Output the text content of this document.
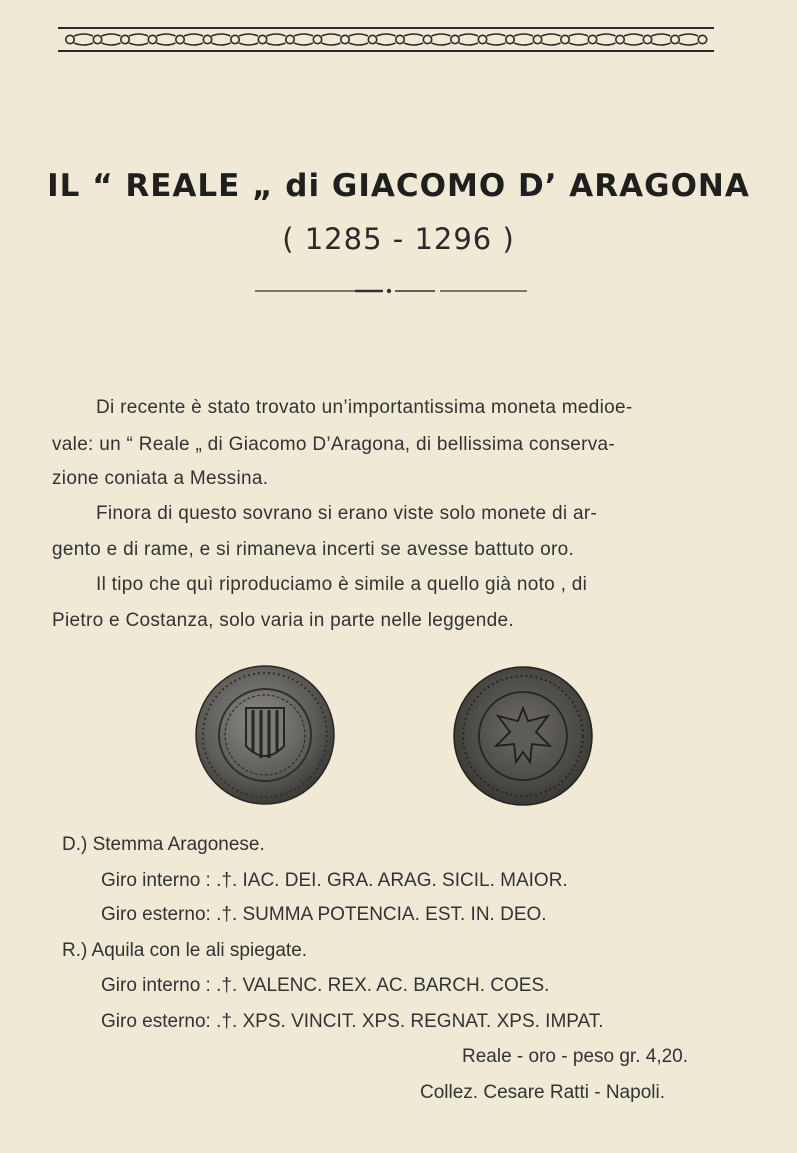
IL “ REALE „ di GIACOMO D’ ARAGONA
( 1285 - 1296 )
Di recente è stato trovato un’importantissima moneta medioe-
vale: un “ Reale „ di Giacomo D’Aragona, di bellissima conserva-
zione coniata a Messina.
Finora di questo sovrano si erano viste solo monete di ar-
gento e di rame, e si rimaneva incerti se avesse battuto oro.
Il tipo che quì riproduciamo è simile a quello già noto , di
Pietro e Costanza, solo varia in parte nelle leggende.
D.) Stemma Aragonese.
Giro interno : .†. IAC. DEI. GRA. ARAG. SICIL. MAIOR.
Giro esterno: .†. SUMMA POTENCIA. EST. IN. DEO.
R.) Aquila con le ali spiegate.
Giro interno : .†. VALENC. REX. AC. BARCH. COES.
Giro esterno: .†. XPS. VINCIT. XPS. REGNAT. XPS. IMPAT.
Reale - oro - peso gr. 4,20.
Collez. Cesare Ratti - Napoli.
